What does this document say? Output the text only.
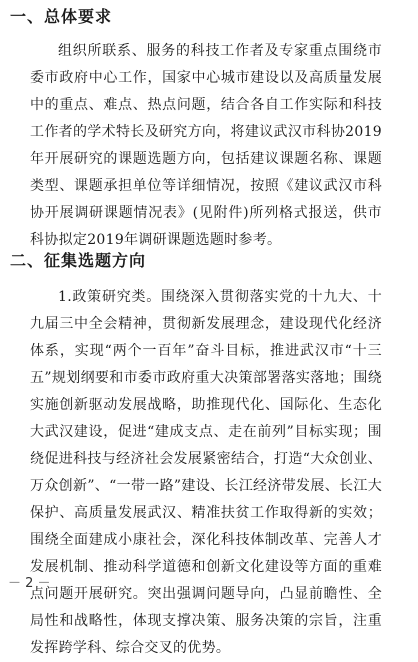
一、总体要求
组织所联系、服务的科技工作者及专家重点围绕市委市政府中心工作，国家中心城市建设以及高质量发展中的重点、难点、热点问题，结合各自工作实际和科技工作者的学术特长及研究方向，将建议武汉市科协2019年开展研究的课题选题方向，包括建议课题名称、课题类型、课题承担单位等详细情况，按照《建议武汉市科协开展调研课题情况表》(见附件)所列格式报送，供市科协拟定2019年调研课题选题时参考。
二、征集选题方向
1.政策研究类。围绕深入贯彻落实党的十九大、十九届三中全会精神，贯彻新发展理念，建设现代化经济体系，实现“两个一百年”奋斗目标，推进武汉市“十三五”规划纲要和市委市政府重大决策部署落实落地；围绕实施创新驱动发展战略，助推现代化、国际化、生态化大武汉建设，促进“建成支点、走在前列”目标实现；围绕促进科技与经济社会发展紧密结合，打造“大众创业、万众创新”、“一带一路”建设、长江经济带发展、长江大保护、高质量发展武汉、精准扶贫工作取得新的实效；围绕全面建成小康社会，深化科技体制改革、完善人才发展机制、推动科学道德和创新文化建设等方面的重难点问题开展研究。突出强调问题导向，凸显前瞻性、全局性和战略性，体现支撑决策、服务决策的宗旨，注重发挥跨学科、综合交叉的优势。
－ 2 －
